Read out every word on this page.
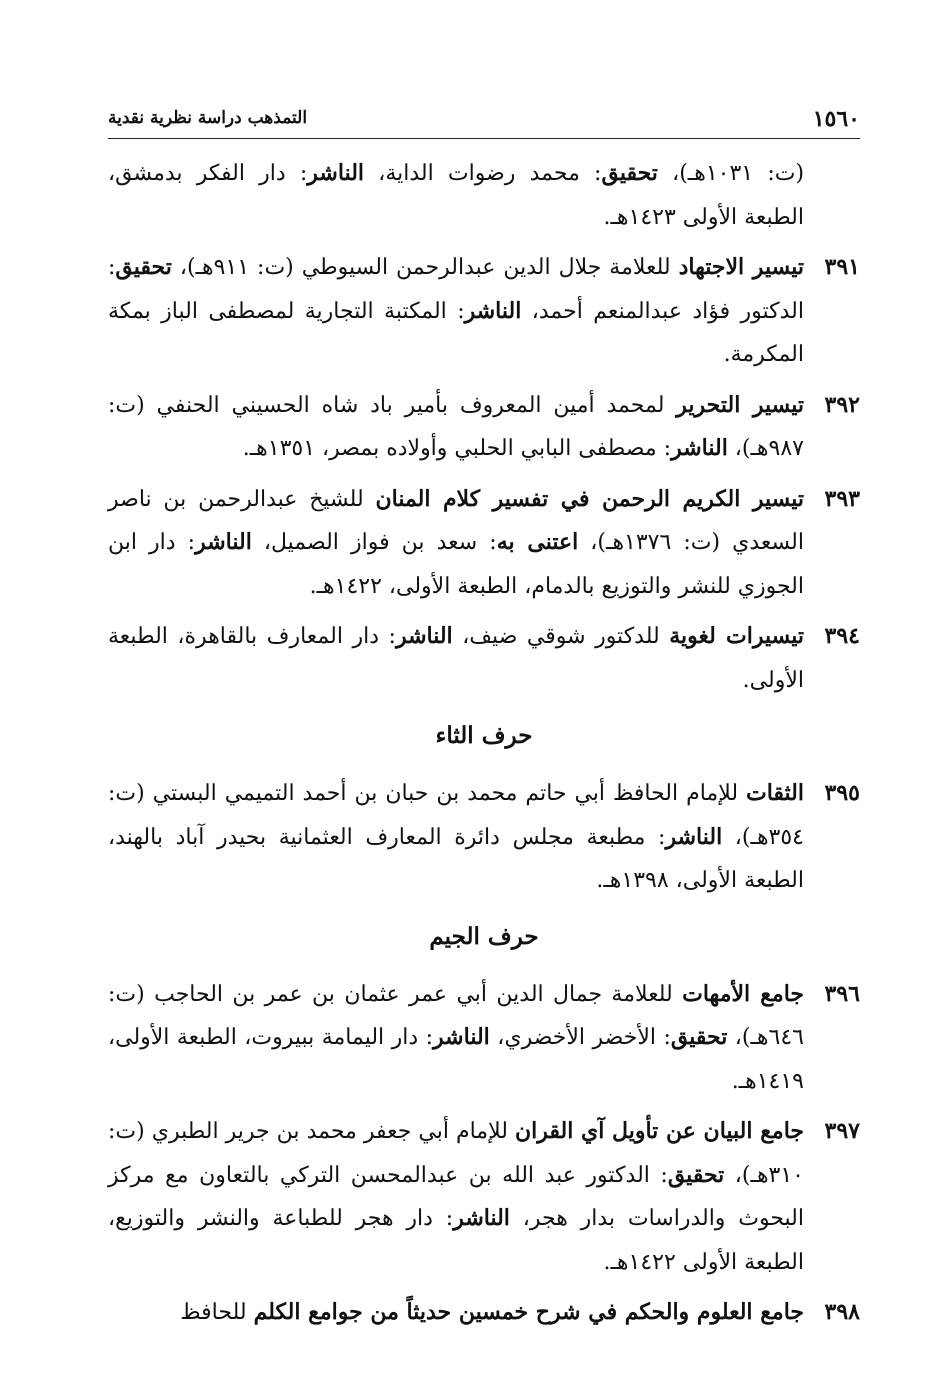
١٥٦٠
التمذهب دراسة نظرية نقدية
(ت: ١٠٣١هـ)، تحقيق: محمد رضوات الداية، الناشر: دار الفكر بدمشق، الطبعة الأولى ١٤٢٣هـ.
٣٩١
تيسير الاجتهاد للعلامة جلال الدين عبدالرحمن السيوطي (ت: ٩١١هـ)، تحقيق: الدكتور فؤاد عبدالمنعم أحمد، الناشر: المكتبة التجارية لمصطفى الباز بمكة المكرمة.
٣٩٢
تيسير التحرير لمحمد أمين المعروف بأمير باد شاه الحسيني الحنفي (ت: ٩٨٧هـ)، الناشر: مصطفى البابي الحلبي وأولاده بمصر، ١٣٥١هـ.
٣٩٣
تيسير الكريم الرحمن في تفسير كلام المنان للشيخ عبدالرحمن بن ناصر السعدي (ت: ١٣٧٦هـ)، اعتنى به: سعد بن فواز الصميل، الناشر: دار ابن الجوزي للنشر والتوزيع بالدمام، الطبعة الأولى، ١٤٢٢هـ.
٣٩٤
تيسيرات لغوية للدكتور شوقي ضيف، الناشر: دار المعارف بالقاهرة، الطبعة الأولى.
حرف الثاء
٣٩٥
الثقات للإمام الحافظ أبي حاتم محمد بن حبان بن أحمد التميمي البستي (ت: ٣٥٤هـ)، الناشر: مطبعة مجلس دائرة المعارف العثمانية بحيدر آباد بالهند، الطبعة الأولى، ١٣٩٨هـ.
حرف الجيم
٣٩٦
جامع الأمهات للعلامة جمال الدين أبي عمر عثمان بن عمر بن الحاجب (ت: ٦٤٦هـ)، تحقيق: الأخضر الأخضري، الناشر: دار اليمامة ببيروت، الطبعة الأولى، ١٤١٩هـ.
٣٩٧
جامع البيان عن تأويل آي القران للإمام أبي جعفر محمد بن جرير الطبري (ت: ٣١٠هـ)، تحقيق: الدكتور عبد الله بن عبدالمحسن التركي بالتعاون مع مركز البحوث والدراسات بدار هجر، الناشر: دار هجر للطباعة والنشر والتوزيع، الطبعة الأولى ١٤٢٢هـ.
٣٩٨
جامع العلوم والحكم في شرح خمسين حديثاً من جوامع الكلم للحافظ
